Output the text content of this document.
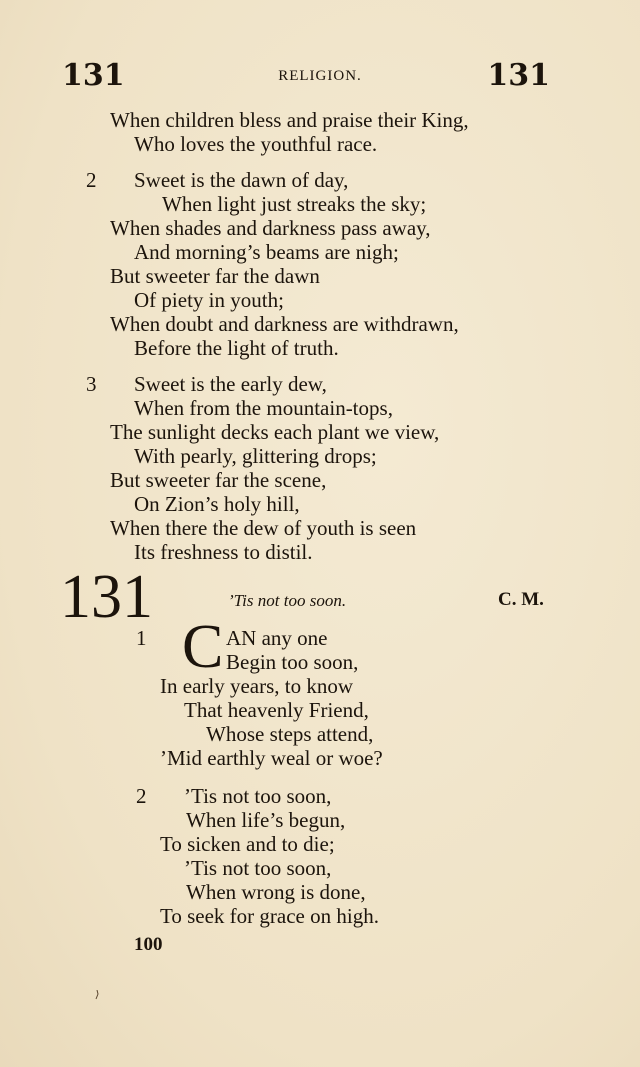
131	RELIGION.	131
When children bless and praise their King,
Who loves the youthful race.
2 Sweet is the dawn of day,
When light just streaks the sky;
When shades and darkness pass away,
And morning’s beams are nigh;
But sweeter far the dawn
Of piety in youth;
When doubt and darkness are withdrawn,
Before the light of truth.
3 Sweet is the early dew,
When from the mountain-tops,
The sunlight decks each plant we view,
With pearly, glittering drops;
But sweeter far the scene,
On Zion’s holy hill,
When there the dew of youth is seen
Its freshness to distil.
131	’Tis not too soon.	C. M.
1 C AN any one
Begin too soon,
In early years, to know
That heavenly Friend,
Whose steps attend,
’Mid earthly weal or woe?
2 ’Tis not too soon,
When life’s begun,
To sicken and to die;
’Tis not too soon,
When wrong is done,
To seek for grace on high.
100
